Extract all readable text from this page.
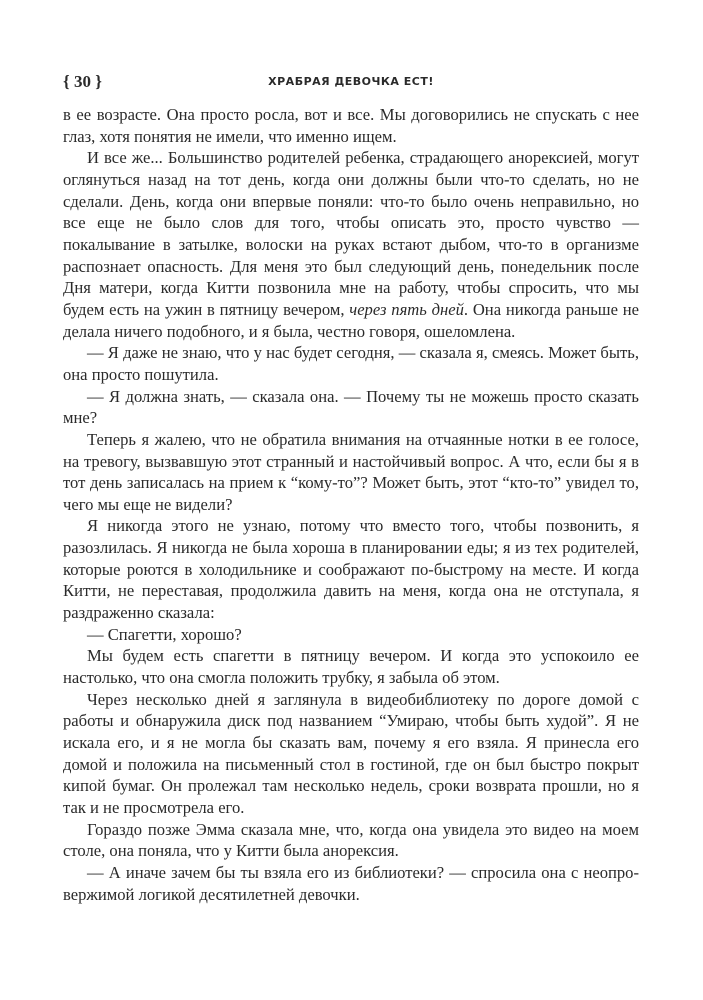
{ 30 }	ХРАБРАЯ ДЕВОЧКА ЕСТ!

в ее возрасте. Она просто росла, вот и все. Мы договорились не спускать с нее глаз, хотя понятия не имели, что именно ищем.

И все же... Большинство родителей ребенка, страдающего анорексией, могут оглянуться назад на тот день, когда они должны были что-то сделать, но не сделали. День, когда они впервые поняли: что-то было очень неправильно, но все еще не было слов для того, чтобы описать это, просто чувство — покалывание в затылке, волоски на руках встают дыбом, что-то в организме распознает опасность. Для меня это был следующий день, понедельник после Дня матери, когда Китти позвонила мне на работу, чтобы спросить, что мы будем есть на ужин в пятницу вечером, через пять дней. Она никогда раньше не делала ничего подобного, и я была, честно говоря, ошеломлена.

— Я даже не знаю, что у нас будет сегодня, — сказала я, смеясь. Может быть, она просто пошутила.

— Я должна знать, — сказала она. — Почему ты не можешь просто сказать мне?

Теперь я жалею, что не обратила внимания на отчаянные нотки в ее голосе, на тревогу, вызвавшую этот странный и настойчивый вопрос. А что, если бы я в тот день записалась на прием к “кому-то”? Может быть, этот “кто-то” увидел то, чего мы еще не видели?

Я никогда этого не узнаю, потому что вместо того, чтобы позвонить, я разозлилась. Я никогда не была хороша в планировании еды; я из тех родителей, которые роются в холодильнике и соображают по-быстрому на месте. И когда Китти, не переставая, продолжила давить на меня, когда она не отступала, я раздраженно сказала:

— Спагетти, хорошо?

Мы будем есть спагетти в пятницу вечером. И когда это успокоило ее настолько, что она смогла положить трубку, я забыла об этом.

Через несколько дней я заглянула в видеобиблиотеку по дороге домой с работы и обнаружила диск под названием “Умираю, чтобы быть худой”. Я не искала его, и я не могла бы сказать вам, почему я его взяла. Я принесла его домой и положила на письменный стол в гостиной, где он был быстро покрыт кипой бумаг. Он пролежал там несколько недель, сроки возврата прошли, но я так и не просмотрела его.

Гораздо позже Эмма сказала мне, что, когда она увидела это видео на моем столе, она поняла, что у Китти была анорексия.

— А иначе зачем бы ты взяла его из библиотеки? — спросила она с неопровержимой логикой десятилетней девочки.
